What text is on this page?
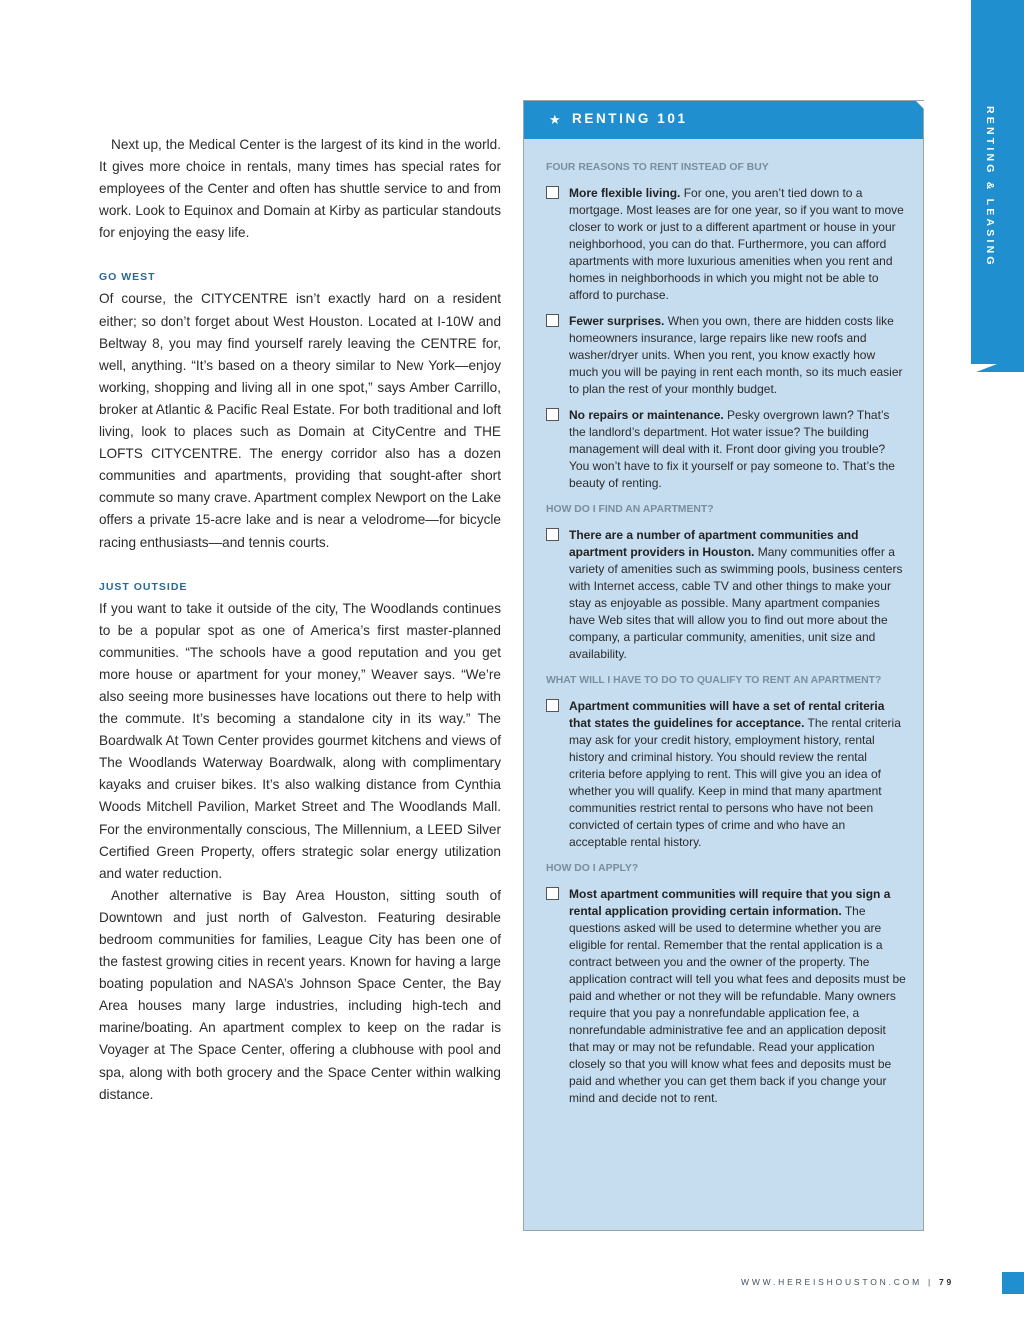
RENTING & LEASING

Next up, the Medical Center is the largest of its kind in the world. It gives more choice in rentals, many times has special rates for employees of the Center and often has shuttle service to and from work. Look to Equinox and Domain at Kirby as particular standouts for enjoying the easy life.

GO WEST

Of course, the CITYCENTRE isn’t exactly hard on a resident either; so don’t forget about West Houston. Located at I-10W and Beltway 8, you may find yourself rarely leaving the CENTRE for, well, anything. “It’s based on a theory similar to New York—enjoy working, shopping and living all in one spot,” says Amber Carrillo, broker at Atlantic & Pacific Real Estate. For both traditional and loft living, look to places such as Domain at CityCentre and THE LOFTS CITYCENTRE. The energy corridor also has a dozen communities and apartments, providing that sought-after short commute so many crave. Apartment complex Newport on the Lake offers a private 15-acre lake and is near a velodrome—for bicycle racing enthusiasts—and tennis courts.

JUST OUTSIDE

If you want to take it outside of the city, The Woodlands continues to be a popular spot as one of America’s first master-planned communities. “The schools have a good reputation and you get more house or apartment for your money,” Weaver says. “We’re also seeing more businesses have locations out there to help with the commute. It’s becoming a standalone city in its way.” The Boardwalk At Town Center provides gourmet kitchens and views of The Woodlands Waterway Boardwalk, along with complimentary kayaks and cruiser bikes. It’s also walking distance from Cynthia Woods Mitchell Pavilion, Market Street and The Woodlands Mall. For the environmentally conscious, The Millennium, a LEED Silver Certified Green Property, offers strategic solar energy utilization and water reduction.

Another alternative is Bay Area Houston, sitting south of Downtown and just north of Galveston. Featuring desirable bedroom communities for families, League City has been one of the fastest growing cities in recent years. Known for having a large boating population and NASA’s Johnson Space Center, the Bay Area houses many large industries, including high-tech and marine/boating. An apartment complex to keep on the radar is Voyager at The Space Center, offering a clubhouse with pool and spa, along with both grocery and the Space Center within walking distance.

★ RENTING 101
FOUR REASONS TO RENT INSTEAD OF BUY
More flexible living. For one, you aren’t tied down to a mortgage. Most leases are for one year, so if you want to move closer to work or just to a different apartment or house in your neighborhood, you can do that. Furthermore, you can afford apartments with more luxurious amenities when you rent and homes in neighborhoods in which you might not be able to afford to purchase.
Fewer surprises. When you own, there are hidden costs like homeowners insurance, large repairs like new roofs and washer/dryer units. When you rent, you know exactly how much you will be paying in rent each month, so its much easier to plan the rest of your monthly budget.
No repairs or maintenance. Pesky overgrown lawn? That’s the landlord’s department. Hot water issue? The building management will deal with it. Front door giving you trouble? You won’t have to fix it yourself or pay someone to. That’s the beauty of renting.
HOW DO I FIND AN APARTMENT?
There are a number of apartment communities and apartment providers in Houston. Many communities offer a variety of amenities such as swimming pools, business centers with Internet access, cable TV and other things to make your stay as enjoyable as possible. Many apartment companies have Web sites that will allow you to find out more about the company, a particular community, amenities, unit size and availability.
WHAT WILL I HAVE TO DO TO QUALIFY TO RENT AN APARTMENT?
Apartment communities will have a set of rental criteria that states the guidelines for acceptance. The rental criteria may ask for your credit history, employment history, rental history and criminal history. You should review the rental criteria before applying to rent. This will give you an idea of whether you will qualify. Keep in mind that many apartment communities restrict rental to persons who have not been convicted of certain types of crime and who have an acceptable rental history.
HOW DO I APPLY?
Most apartment communities will require that you sign a rental application providing certain information. The questions asked will be used to determine whether you are eligible for rental. Remember that the rental application is a contract between you and the owner of the property. The application contract will tell you what fees and deposits must be paid and whether or not they will be refundable. Many owners require that you pay a nonrefundable application fee, a nonrefundable administrative fee and an application deposit that may or may not be refundable. Read your application closely so that you will know what fees and deposits must be paid and whether you can get them back if you change your mind and decide not to rent.
WWW.HEREISHOUSTON.COM | 79
